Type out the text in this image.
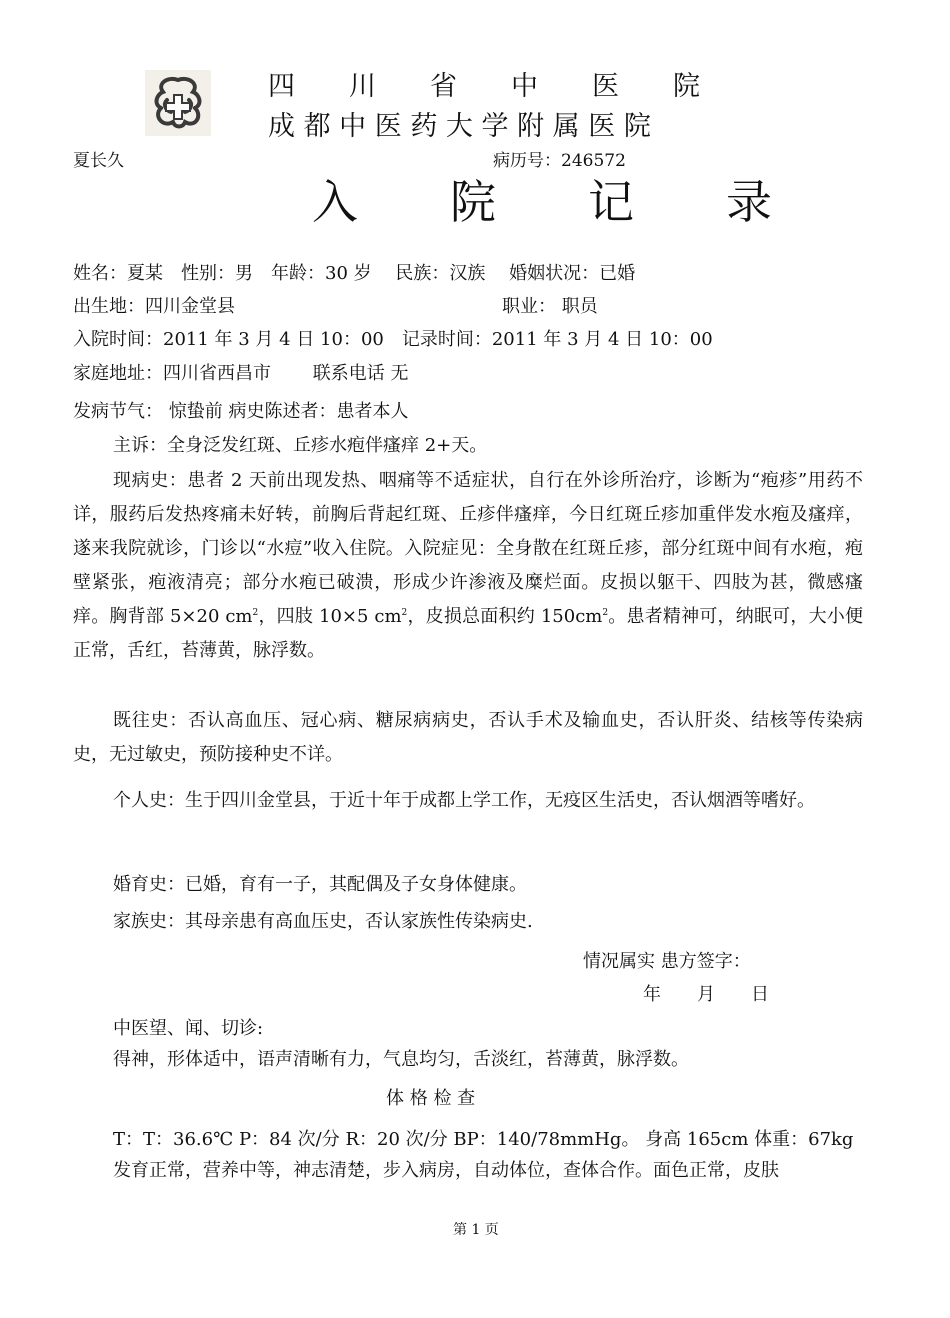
四　　川　　省　　中　　医　　院
成 都 中 医 药 大 学 附 属 医 院
夏长久	病历号：246572
入　　院　　记　　录
姓名：夏某　性别：男　年龄：30 岁　 民族：汉族　 婚姻状况：已婚
出生地：四川金堂县	职业： 职员
入院时间：2011 年 3 月 4 日 10：00　记录时间：2011 年 3 月 4 日 10：00
家庭地址：四川省西昌市　　 联系电话 无
发病节气： 惊蛰前 病史陈述者：患者本人
主诉：全身泛发红斑、丘疹水疱伴瘙痒 2+天。
现病史：患者 2 天前出现发热、咽痛等不适症状，自行在外诊所治疗，诊断为“疱疹”用药不详，服药后发热疼痛未好转，前胸后背起红斑、丘疹伴瘙痒，今日红斑丘疹加重伴发水疱及瘙痒，遂来我院就诊，门诊以“水痘”收入住院。入院症见：全身散在红斑丘疹，部分红斑中间有水疱，疱壁紧张，疱液清亮；部分水疱已破溃，形成少许渗液及糜烂面。皮损以躯干、四肢为甚，微感瘙痒。胸背部 5×20 $cm^2$，四肢 10×5 $cm^2$，皮损总面积约 $150cm^2$。患者精神可，纳眠可，大小便正常，舌红，苔薄黄，脉浮数。
既往史：否认高血压、冠心病、糖尿病病史，否认手术及输血史，否认肝炎、结核等传染病史，无过敏史，预防接种史不详。
个人史：生于四川金堂县，于近十年于成都上学工作，无疫区生活史，否认烟酒等嗜好。
婚育史：已婚，育有一子，其配偶及子女身体健康。
家族史：其母亲患有高血压史，否认家族性传染病史.
情况属实 患方签字：
年　　月　　日
中医望、闻、切诊:
得神，形体适中，语声清晰有力，气息均匀，舌淡红，苔薄黄，脉浮数。
体 格 检 查
T：T：36.6℃ P：84 次/分 R：20 次/分 BP：140/78mmHg。 身高 165cm 体重：67kg
发育正常，营养中等，神志清楚，步入病房，自动体位，查体合作。面色正常，皮肤
第 1 页
